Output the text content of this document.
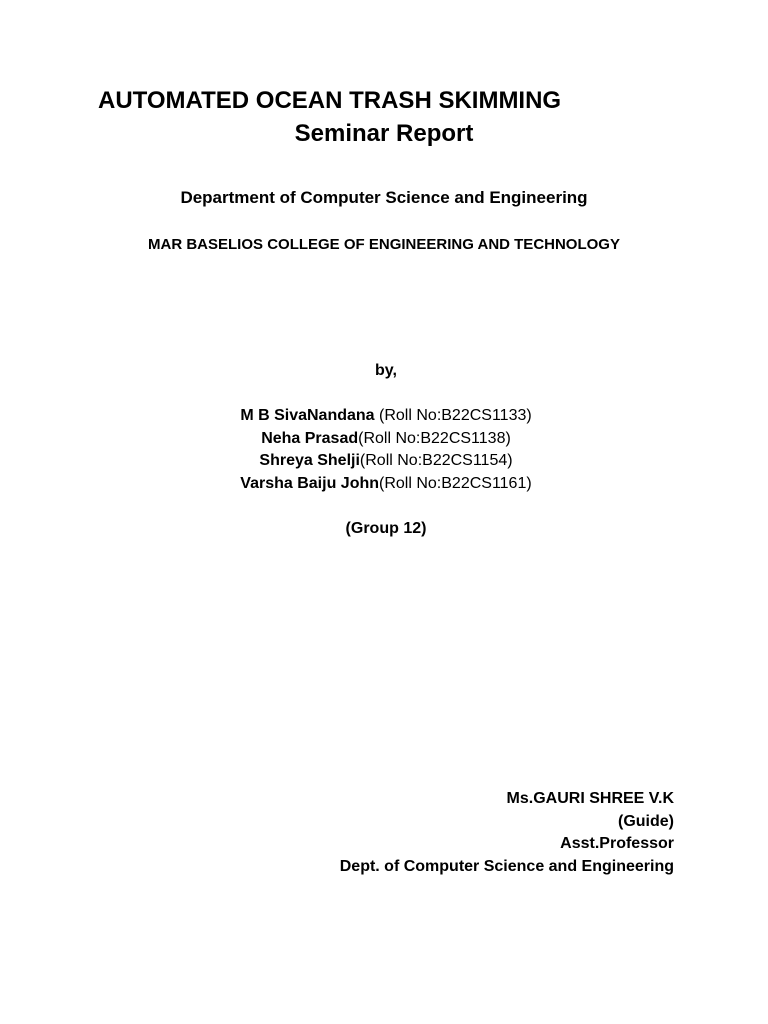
AUTOMATED OCEAN TRASH SKIMMING
Seminar Report
Department of Computer Science and Engineering
MAR BASELIOS COLLEGE OF ENGINEERING AND TECHNOLOGY
by,
M B SivaNandana (Roll No:B22CS1133)
Neha Prasad(Roll No:B22CS1138)
Shreya Shelji(Roll No:B22CS1154)
Varsha Baiju John(Roll No:B22CS1161)
(Group 12)
Ms.GAURI SHREE V.K
(Guide)
Asst.Professor
Dept. of Computer Science and Engineering
